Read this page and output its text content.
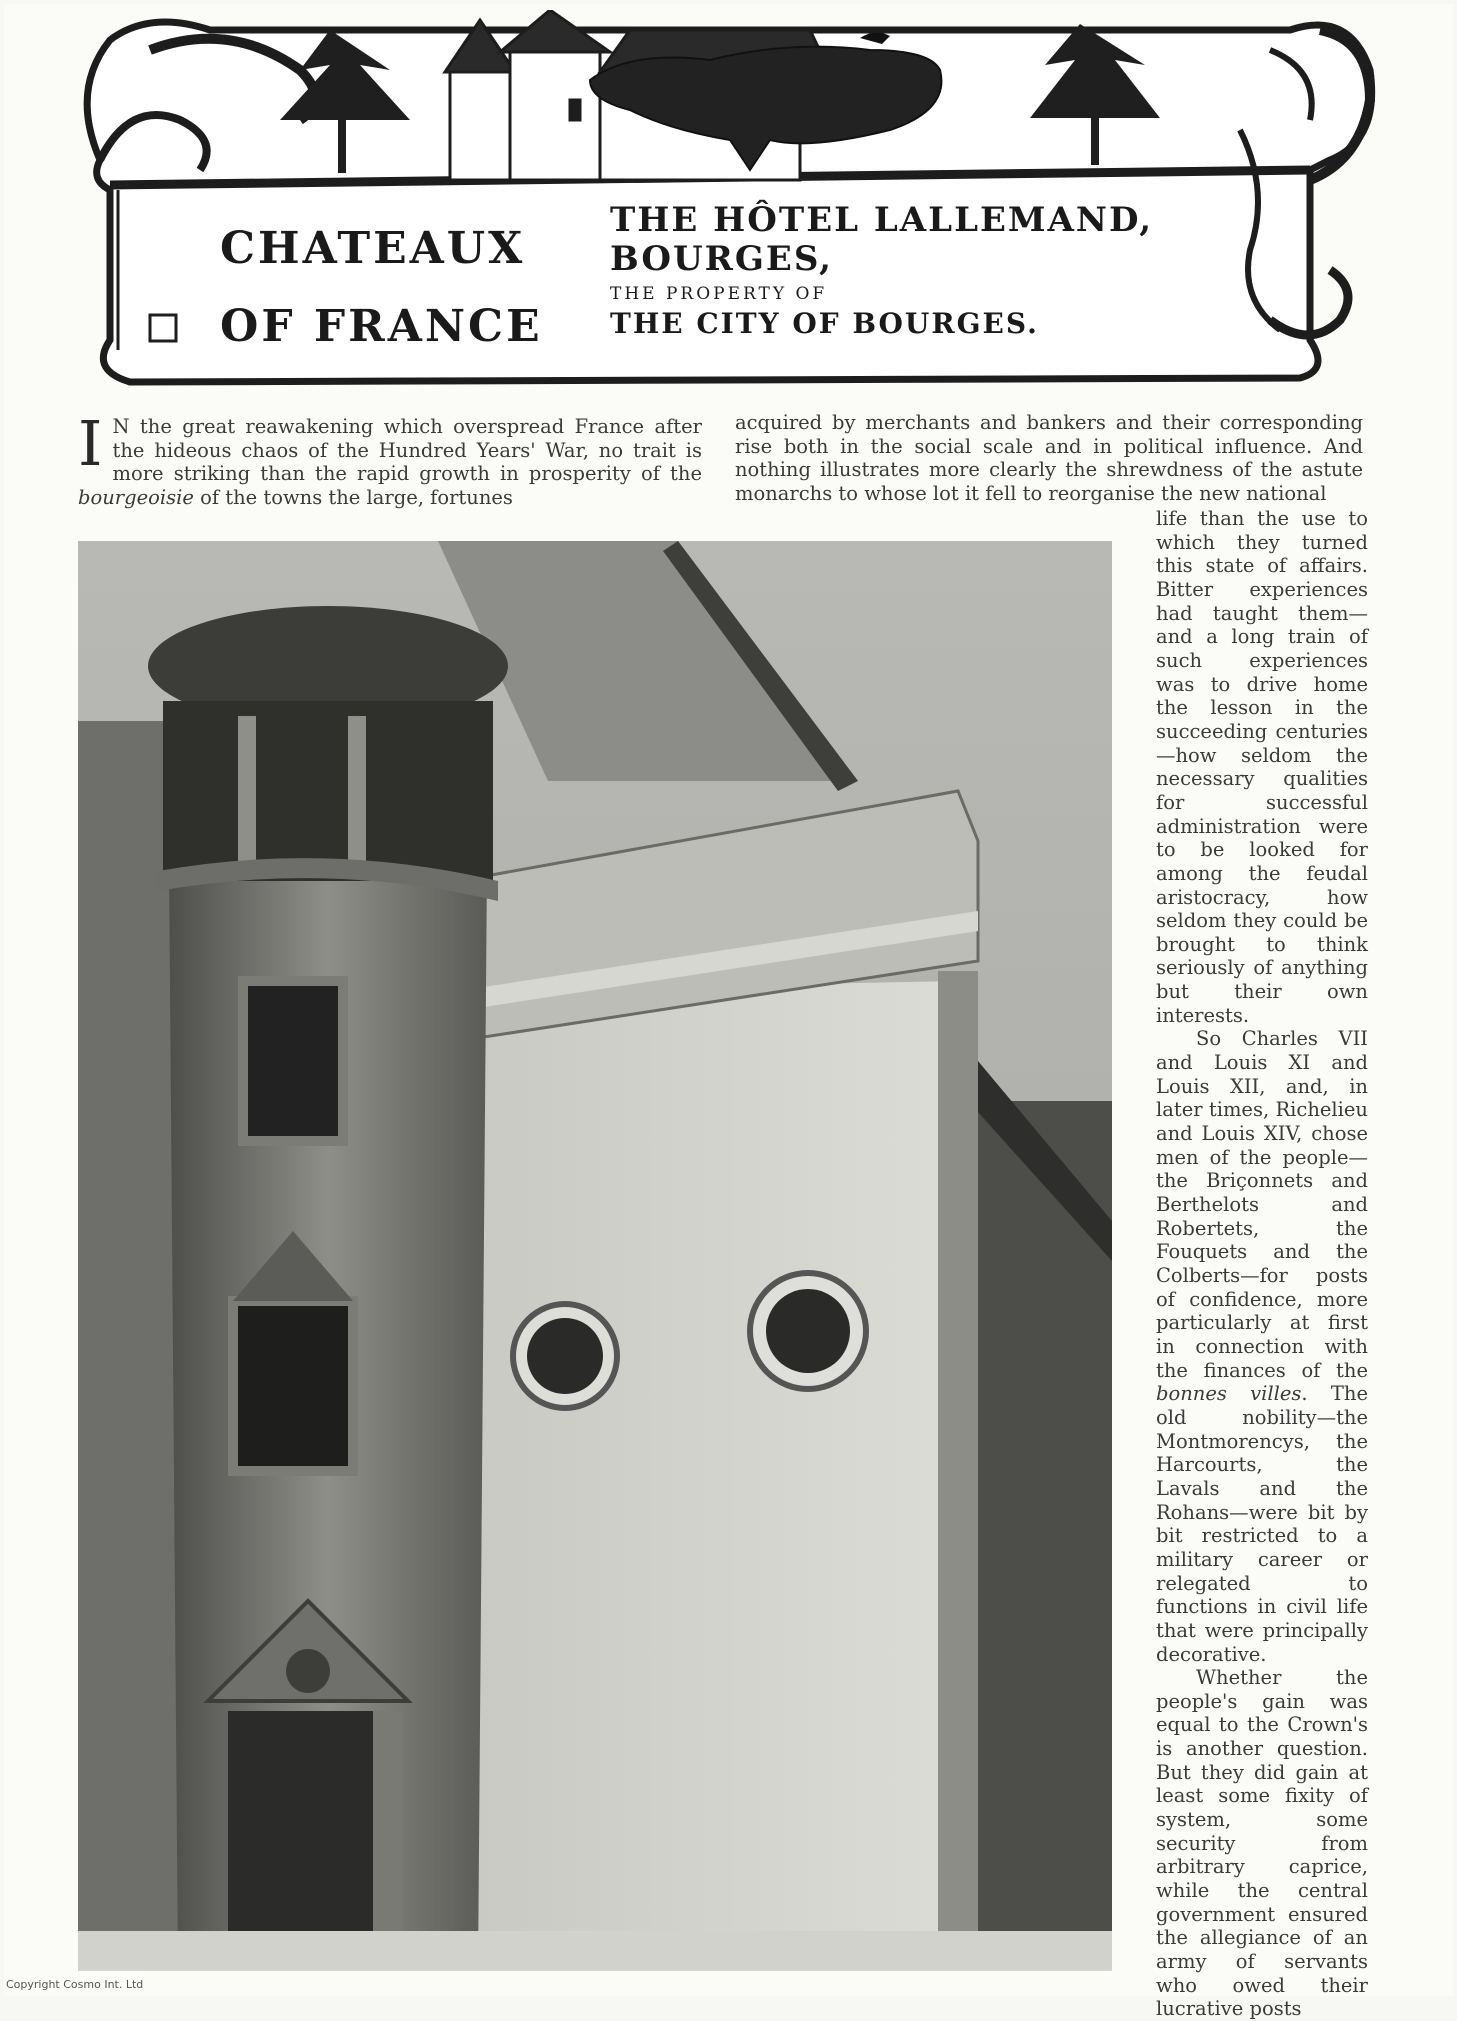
CHATEAUX
OF FRANCE
THE HÔTEL LALLEMAND,
BOURGES,
THE PROPERTY OF
THE CITY OF BOURGES.

I N the great reawakening which overspread France after the hideous chaos of the Hundred Years' War, no trait is more striking than the rapid growth in prosperity of the bourgeoisie of the towns the large, fortunes

acquired by merchants and bankers and their corresponding rise both in the social scale and in political influence. And nothing illustrates more clearly the shrewdness of the astute monarchs to whose lot it fell to reorganise the new national

life than the use to which they turned this state of affairs. Bitter experiences had taught them—and a long train of such experiences was to drive home the lesson in the succeeding centuries—how seldom the necessary qualities for successful administration were to be looked for among the feudal aristocracy, how seldom they could be brought to think seriously of anything but their own interests.

So Charles VII and Louis XI and Louis XII, and, in later times, Richelieu and Louis XIV, chose men of the people—the Briçonnets and Berthelots and Robertets, the Fouquets and the Colberts—for posts of confidence, more particularly at first in connection with the finances of the bonnes villes. The old nobility—the Montmorencys, the Harcourts, the Lavals and the Rohans—were bit by bit restricted to a military career or relegated to functions in civil life that were principally decorative.

Whether the people's gain was equal to the Crown's is another question. But they did gain at least some fixity of system, some security from arbitrary caprice, while the central government ensured the allegiance of an army of servants who owed their lucrative posts

Copyright Cosmo Int. Ltd
